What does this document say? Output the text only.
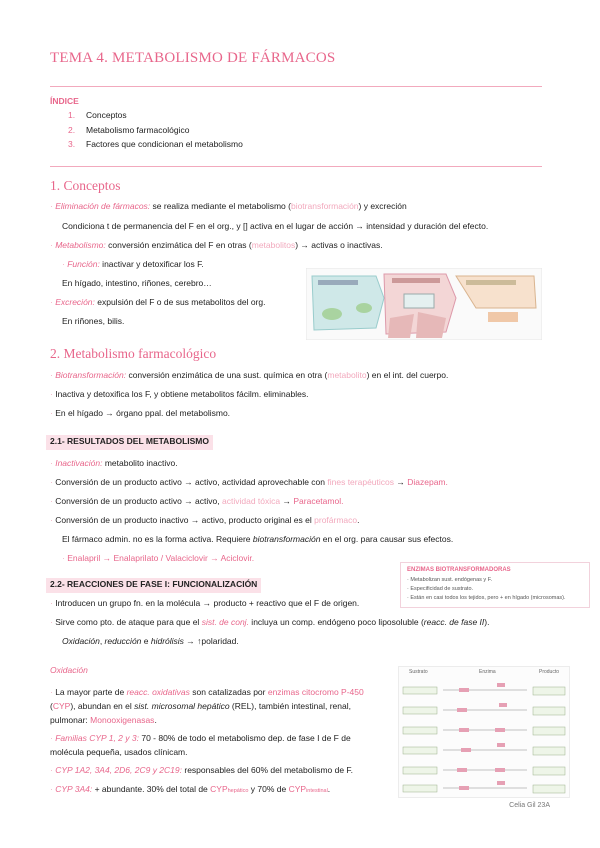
TEMA 4. METABOLISMO DE FÁRMACOS
ÍNDICE
1. Conceptos
2. Metabolismo farmacológico
3. Factores que condicionan el metabolismo
1. Conceptos
· Eliminación de fármacos: se realiza mediante el metabolismo (biotransformación) y excreción
Condiciona t de permanencia del F en el org., y [] activa en el lugar de acción → intensidad y duración del efecto.
· Metabolismo: conversión enzimática del F en otras (metabolitos) → activas o inactivas.
· Función: inactivar y detoxificar los F.
En hígado, intestino, riñones, cerebro…
· Excreción: expulsión del F o de sus metabolitos del org.
En riñones, bilis.
2. Metabolismo farmacológico
· Biotransformación: conversión enzimática de una sust. química en otra (metabolito) en el int. del cuerpo.
· Inactiva y detoxifica los F, y obtiene metabolitos fácilm. eliminables.
· En el hígado → órgano ppal. del metabolismo.
2.1- RESULTADOS DEL METABOLISMO
· Inactivación: metabolito inactivo.
· Conversión de un producto activo → activo, actividad aprovechable con fines terapéuticos → Diazepam.
· Conversión de un producto activo → activo, actividad tóxica → Paracetamol.
· Conversión de un producto inactivo → activo, producto original es el profármaco.
El fármaco admin. no es la forma activa. Requiere biotransformación en el org. para causar sus efectos.
· Enalapril → Enalaprilato / Valaciclovir → Aciclovir.
ENZIMAS BIOTRANSFORMADORAS
· Metabolizan sust. endógenas y F.
· Especificidad de sustrato.
· Están en casi todos los tejidos, pero + en hígado (microsomas).
2.2- REACCIONES DE FASE I: FUNCIONALIZACIÓN
· Introducen un grupo fn. en la molécula → producto + reactivo que el F de origen.
· Sirve como pto. de ataque para que el sist. de conj. incluya un comp. endógeno poco liposoluble (reacc. de fase II).
Oxidación, reducción e hidrólisis → ↑polaridad.
Oxidación
· La mayor parte de reacc. oxidativas son catalizadas por enzimas citocromo P-450
(CYP), abundan en el sist. microsomal hepático (REL), también intestinal, renal,
pulmonar: Monooxigenasas.
· Familias CYP 1, 2 y 3: 70 - 80% de todo el metabolismo dep. de fase I de F de
molécula pequeña, usados clínicam.
· CYP 1A2, 3A4, 2D6, 2C9 y 2C19: responsables del 60% del metabolismo de F.
· CYP 3A4: + abundante. 30% del total de CYPhepático y 70% de CYPintestinal.
Sustrato	Enzima	Producto
Celia Gil 23A
